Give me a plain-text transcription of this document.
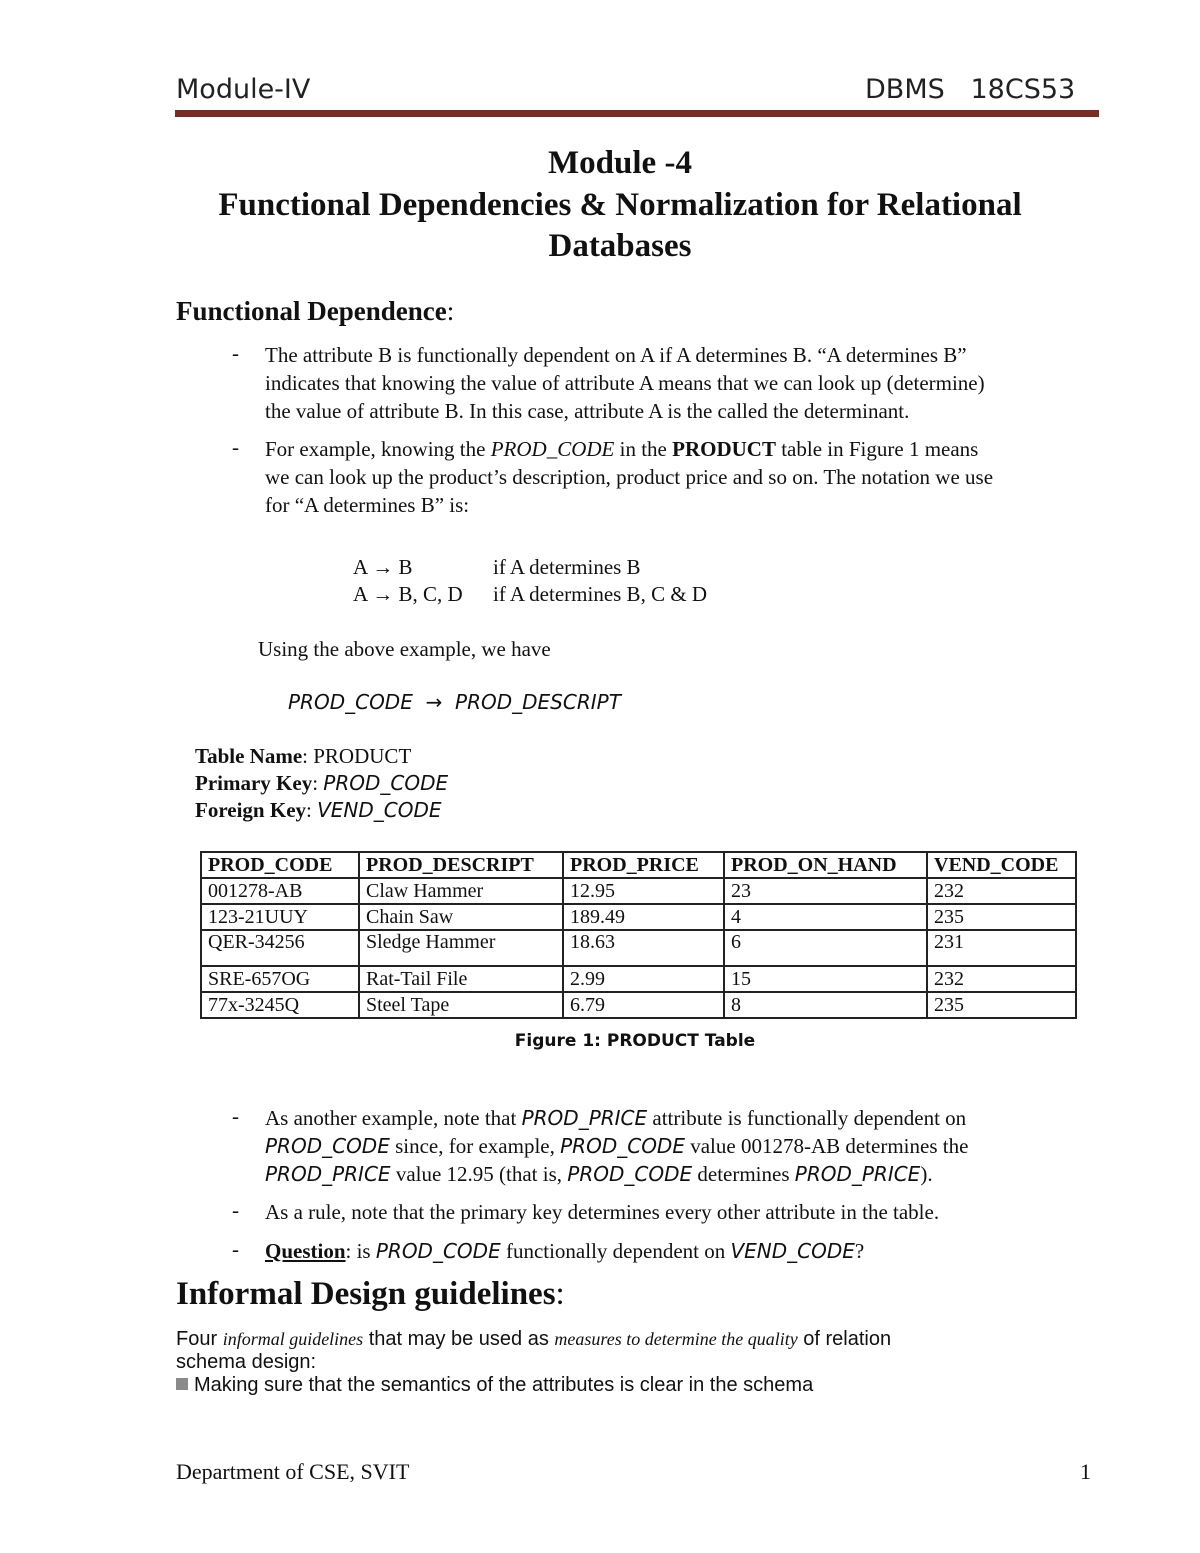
Module-IV	DBMS   18CS53
Module -4
Functional Dependencies & Normalization for Relational
Databases
Functional Dependence:
- The attribute B is functionally dependent on A if A determines B. “A determines B”
indicates that knowing the value of attribute A means that we can look up (determine)
the value of attribute B. In this case, attribute A is the called the determinant.
- For example, knowing the PROD_CODE in the PRODUCT table in Figure 1 means
we can look up the product’s description, product price and so on. The notation we use
for “A determines B” is:
A → B	if A determines B
A → B, C, D if A determines B, C & D
Using the above example, we have
PROD_CODE → PROD_DESCRIPT
Table Name: PRODUCT
Primary Key: PROD_CODE
Foreign Key: VEND_CODE
PROD_CODE	PROD_DESCRIPT	PROD_PRICE	PROD_ON_HAND	VEND_CODE
001278-AB	Claw Hammer	12.95	23	232
123-21UUY	Chain Saw	189.49	4	235
QER-34256	Sledge Hammer	18.63	6	231
SRE-657OG	Rat-Tail File	2.99	15	232
77x-3245Q	Steel Tape	6.79	8	235
Figure 1: PRODUCT Table
- As another example, note that PROD_PRICE attribute is functionally dependent on
PROD_CODE since, for example, PROD_CODE value 001278-AB determines the
PROD_PRICE value 12.95 (that is, PROD_CODE determines PROD_PRICE).
- As a rule, note that the primary key determines every other attribute in the table.
- Question: is PROD_CODE functionally dependent on VEND_CODE?
Informal Design guidelines:
Four informal guidelines that may be used as measures to determine the quality of relation
schema design:
Making sure that the semantics of the attributes is clear in the schema
Department of CSE, SVIT	1
